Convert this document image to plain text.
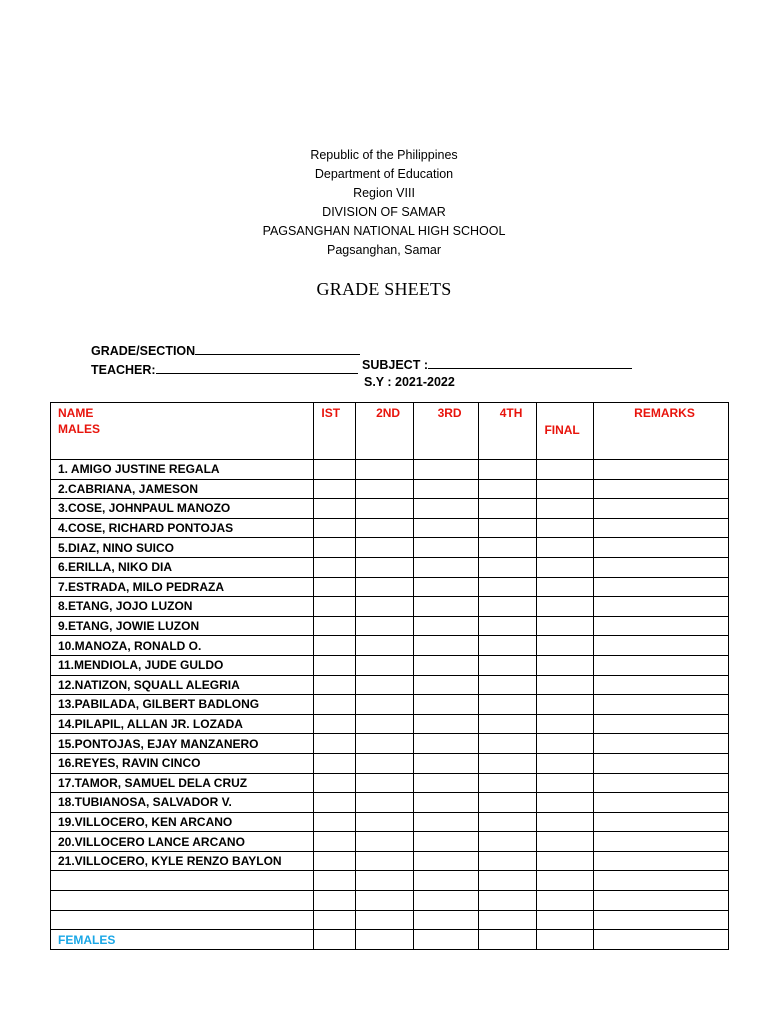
Republic of the Philippines
Department of Education
Region VIII
DIVISION OF SAMAR
PAGSANGHAN NATIONAL HIGH SCHOOL
Pagsanghan, Samar
GRADE SHEETS

GRADE/SECTION

SUBJECT :

TEACHER:

S.Y : 2021-2022

NAME
MALES	IST	2ND	3RD	4TH	FINAL	REMARKS
1. AMIGO JUSTINE REGALA						
2.CABRIANA, JAMESON						
3.COSE, JOHNPAUL MANOZO						
4.COSE, RICHARD PONTOJAS						
5.DIAZ, NINO SUICO						
6.ERILLA, NIKO DIA						
7.ESTRADA, MILO PEDRAZA						
8.ETANG, JOJO LUZON						
9.ETANG, JOWIE LUZON						
10.MANOZA, RONALD O.						
11.MENDIOLA, JUDE GULDO						
12.NATIZON, SQUALL ALEGRIA						
13.PABILADA, GILBERT BADLONG						
14.PILAPIL, ALLAN JR. LOZADA						
15.PONTOJAS, EJAY MANZANERO						
16.REYES, RAVIN CINCO						
17.TAMOR, SAMUEL DELA CRUZ						
18.TUBIANOSA, SALVADOR V.						
19.VILLOCERO, KEN ARCANO						
20.VILLOCERO LANCE ARCANO						
21.VILLOCERO, KYLE RENZO BAYLON						

FEMALES						
